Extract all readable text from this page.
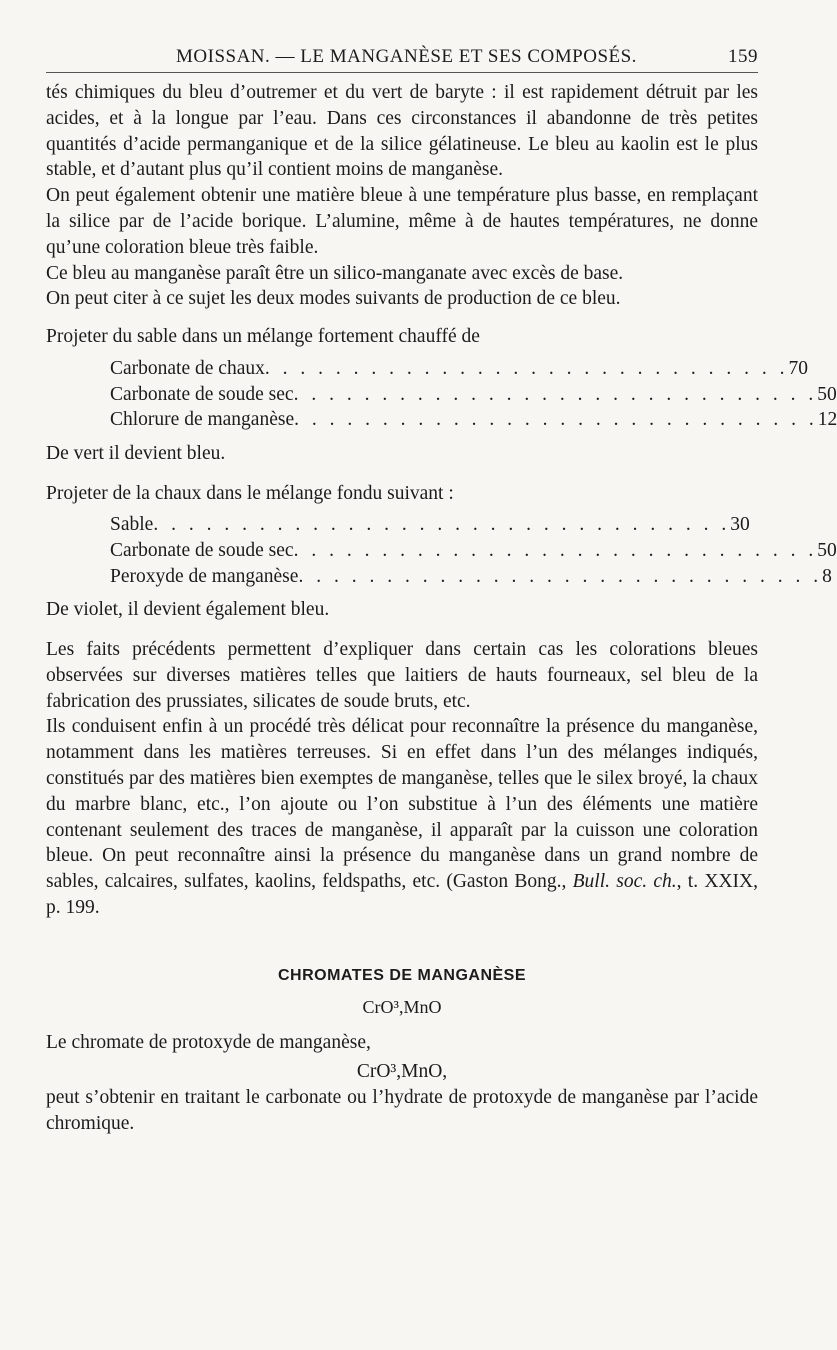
MOISSAN. — LE MANGANÈSE ET SES COMPOSÉS.	159

tés chimiques du bleu d’outremer et du vert de baryte : il est rapidement détruit par les acides, et à la longue par l’eau. Dans ces circonstances il abandonne de très petites quantités d’acide permanganique et de la silice gélatineuse. Le bleu au kaolin est le plus stable, et d’autant plus qu’il contient moins de manganèse.

On peut également obtenir une matière bleue à une température plus basse, en remplaçant la silice par de l’acide borique. L’alumine, même à de hautes températures, ne donne qu’une coloration bleue très faible.

Ce bleu au manganèse paraît être un silico-manganate avec excès de base.

On peut citer à ce sujet les deux modes suivants de production de ce bleu.

Projeter du sable dans un mélange fortement chauffé de

Carbonate de chaux . . . . . . . . . . . . . . . . . . . . . . . . . . . . . . 70
Carbonate de soude sec . . . . . . . . . . . . . . . . . . . . . . . . . . . . . . 50
Chlorure de manganèse . . . . . . . . . . . . . . . . . . . . . . . . . . . . . . 12

De vert il devient bleu.

Projeter de la chaux dans le mélange fondu suivant :

Sable . . . . . . . . . . . . . . . . . . . . . . . . . . . . . . . . . 30
Carbonate de soude sec . . . . . . . . . . . . . . . . . . . . . . . . . . . . . . 50
Peroxyde de manganèse . . . . . . . . . . . . . . . . . . . . . . . . . . . . . . 8

De violet, il devient également bleu.

Les faits précédents permettent d’expliquer dans certain cas les colorations bleues observées sur diverses matières telles que laitiers de hauts fourneaux, sel bleu de la fabrication des prussiates, silicates de soude bruts, etc.

Ils conduisent enfin à un procédé très délicat pour reconnaître la présence du manganèse, notamment dans les matières terreuses. Si en effet dans l’un des mélanges indiqués, constitués par des matières bien exemptes de manganèse, telles que le silex broyé, la chaux du marbre blanc, etc., l’on ajoute ou l’on substitue à l’un des éléments une matière contenant seulement des traces de manganèse, il apparaît par la cuisson une coloration bleue. On peut reconnaître ainsi la présence du manganèse dans un grand nombre de sables, calcaires, sulfates, kaolins, feldspaths, etc. (Gaston Bong., Bull. soc. ch., t. XXIX, p. 199.

CHROMATES DE MANGANÈSE
CrO³,MnO

Le chromate de protoxyde de manganèse,

CrO³,MnO,

peut s’obtenir en traitant le carbonate ou l’hydrate de protoxyde de manganèse par l’acide chromique.
